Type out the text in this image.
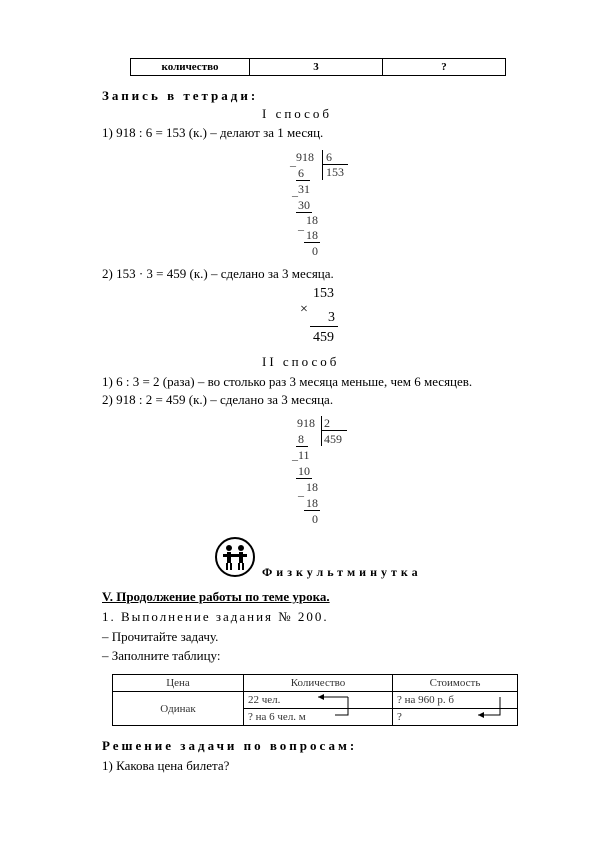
количество	3	?
Запись в тетради:
I способ
1) 918 : 6 = 153 (к.) – делают за 1 месяц.
918 6
153
–
6
31
–
30
18
– 18
0
2) 153 · 3 = 459 (к.) – сделано за 3 месяца.
153
×
3
459
II способ
1) 6 : 3 = 2 (раза) – во столько раз 3 месяца меньше, чем 6 месяцев.
2) 918 : 2 = 459 (к.) – сделано за 3 месяца.
918 2
459
8
– 11
10
–
18
18
0
Физкультминутка
V. Продолжение работы по теме урока.
1. Выполнение задания № 200.
– Прочитайте задачу.
– Заполните таблицу:
Цена	Количество	Стоимость
Одинак	22 чел.	? на 960 р. б
	? на 6 чел. м	?
Решение задачи по вопросам:
1) Какова цена билета?
